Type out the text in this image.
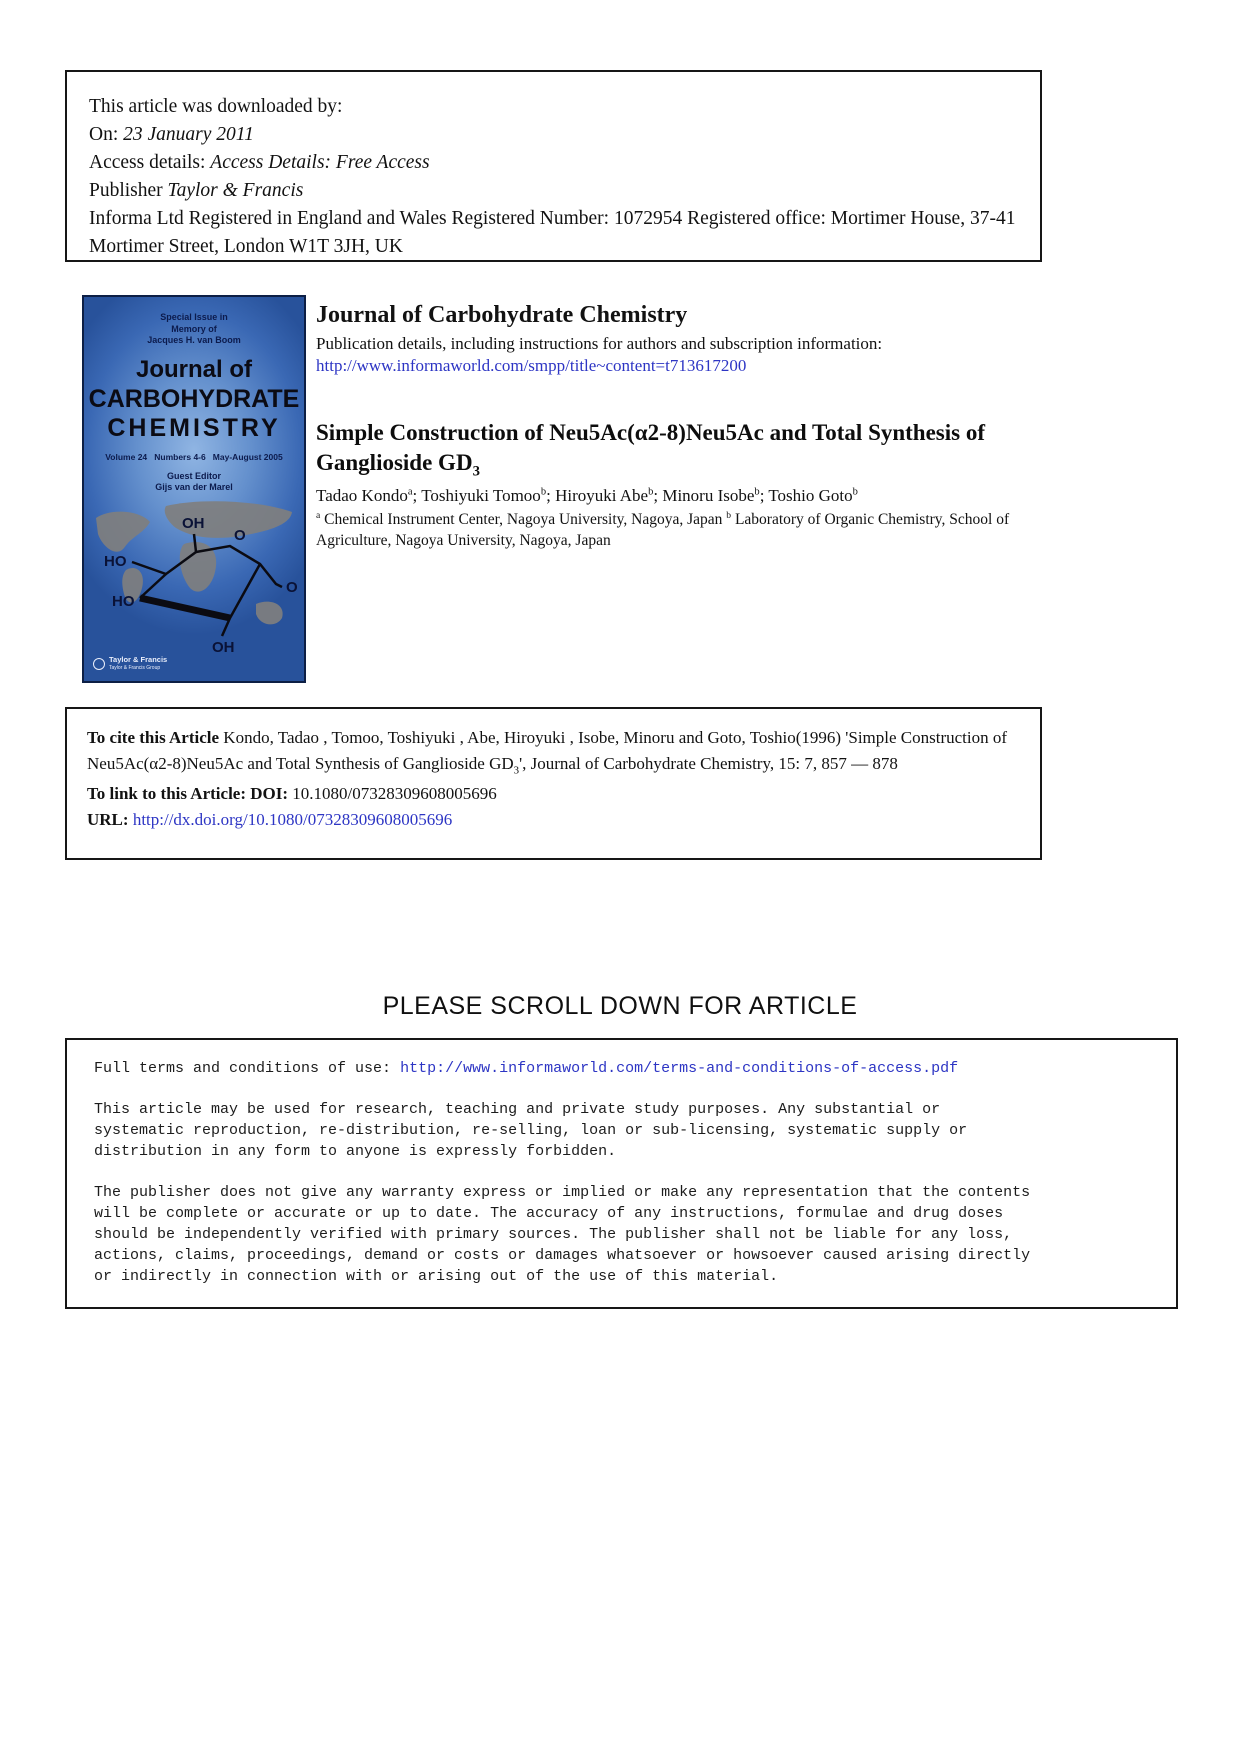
This article was downloaded by:
On: 23 January 2011
Access details: Access Details: Free Access
Publisher Taylor & Francis
Informa Ltd Registered in England and Wales Registered Number: 1072954 Registered office: Mortimer House, 37-41 Mortimer Street, London W1T 3JH, UK
Special Issue in
Memory of
Jacques H. van Boom
Journal of
CARBOHYDRATE
CHEMISTRY
Volume 24   Numbers 4-6   May-August 2005
Guest Editor
Gijs van der Marel
OH
O
HO
HO
O
OH
Taylor & Francis
Taylor & Francis Group
Journal of Carbohydrate Chemistry
Publication details, including instructions for authors and subscription information:
http://www.informaworld.com/smpp/title~content=t713617200
Simple Construction of Neu5Ac(α2-8)Neu5Ac and Total Synthesis of
Ganglioside $GD_3$
Tadao Kondo$^a$; Toshiyuki Tomoo$^b$; Hiroyuki Abe$^b$; Minoru Isobe$^b$; Toshio Goto$^b$
$^a$ Chemical Instrument Center, Nagoya University, Nagoya, Japan $^b$ Laboratory of Organic Chemistry, School of Agriculture, Nagoya University, Nagoya, Japan
To cite this Article Kondo, Tadao , Tomoo, Toshiyuki , Abe, Hiroyuki , Isobe, Minoru and Goto, Toshio(1996) 'Simple Construction of Neu5Ac(α2-8)Neu5Ac and Total Synthesis of Ganglioside $GD_3'$, Journal of Carbohydrate Chemistry, 15: 7, 857 — 878
To link to this Article: DOI: 10.1080/07328309608005696
URL: http://dx.doi.org/10.1080/07328309608005696
PLEASE SCROLL DOWN FOR ARTICLE

Full terms and conditions of use: http://www.informaworld.com/terms-and-conditions-of-access.pdf

This article may be used for research, teaching and private study purposes. Any substantial or
systematic reproduction, re-distribution, re-selling, loan or sub-licensing, systematic supply or
distribution in any form to anyone is expressly forbidden.

The publisher does not give any warranty express or implied or make any representation that the contents
will be complete or accurate or up to date. The accuracy of any instructions, formulae and drug doses
should be independently verified with primary sources. The publisher shall not be liable for any loss,
actions, claims, proceedings, demand or costs or damages whatsoever or howsoever caused arising directly
or indirectly in connection with or arising out of the use of this material.
